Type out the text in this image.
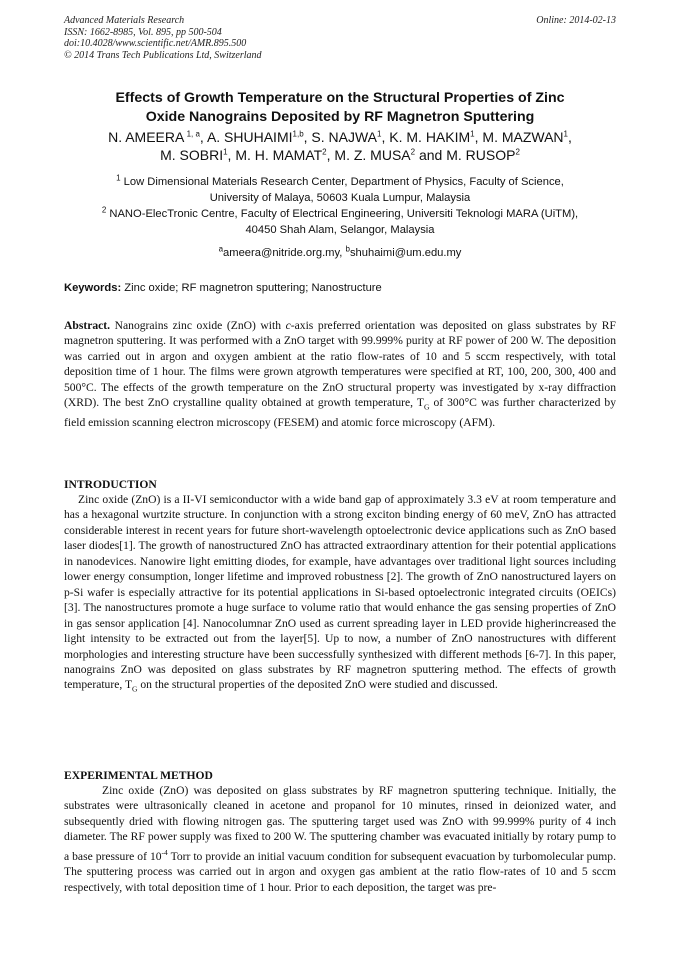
Advanced Materials Research
ISSN: 1662-8985, Vol. 895, pp 500-504
doi:10.4028/www.scientific.net/AMR.895.500
© 2014 Trans Tech Publications Ltd, Switzerland
Online: 2014-02-13
Effects of Growth Temperature on the Structural Properties of Zinc
Oxide Nanograins Deposited by RF Magnetron Sputtering
N. AMEERA $^{1, a}$, A. SHUHAIMI$^{1,b}$, S. NAJWA$^1$, K. M. HAKIM$^1$, M. MAZWAN$^1$,
M. SOBRI$^1$, M. H. MAMAT$^2$, M. Z. MUSA$^2$ and M. RUSOP$^2$
$^1$ Low Dimensional Materials Research Center, Department of Physics, Faculty of Science,
University of Malaya, 50603 Kuala Lumpur, Malaysia
$^2$ NANO-ElecTronic Centre, Faculty of Electrical Engineering, Universiti Teknologi MARA (UiTM),
40450 Shah Alam, Selangor, Malaysia
$^a$ameera@nitride.org.my, $^b$shuhaimi@um.edu.my
Keywords: Zinc oxide; RF magnetron sputtering; Nanostructure
Abstract. Nanograins zinc oxide (ZnO) with c-axis preferred orientation was deposited on glass substrates by RF magnetron sputtering. It was performed with a ZnO target with 99.999% purity at RF power of 200 W. The deposition was carried out in argon and oxygen ambient at the ratio flow-rates of 10 and 5 sccm respectively, with total deposition time of 1 hour. The films were grown atgrowth temperatures were specified at RT, 100, 200, 300, 400 and 500°C. The effects of the growth temperature on the ZnO structural property was investigated by x-ray diffraction (XRD). The best ZnO crystalline quality obtained at growth temperature, $T_G$ of 300°C was further characterized by field emission scanning electron microscopy (FESEM) and atomic force microscopy (AFM).
INTRODUCTION
Zinc oxide (ZnO) is a II-VI semiconductor with a wide band gap of approximately 3.3 eV at room temperature and has a hexagonal wurtzite structure. In conjunction with a strong exciton binding energy of 60 meV, ZnO has attracted considerable interest in recent years for future short-wavelength optoelectronic device applications such as ZnO based laser diodes[1]. The growth of nanostructured ZnO has attracted extraordinary attention for their potential applications in nanodevices. Nanowire light emitting diodes, for example, have advantages over traditional light sources including lower energy consumption, longer lifetime and improved robustness [2]. The growth of ZnO nanostructured layers on p-Si wafer is especially attractive for its potential applications in Si-based optoelectronic integrated circuits (OEICs) [3]. The nanostructures promote a huge surface to volume ratio that would enhance the gas sensing properties of ZnO in gas sensor application [4]. Nanocolumnar ZnO used as current spreading layer in LED provide higherincreased the light intensity to be extracted out from the layer[5]. Up to now, a number of ZnO nanostructures with different morphologies and interesting structure have been successfully synthesized with different methods [6-7]. In this paper, nanograins ZnO was deposited on glass substrates by RF magnetron sputtering method. The effects of growth temperature, $T_G$ on the structural properties of the deposited ZnO were studied and discussed.
EXPERIMENTAL METHOD
Zinc oxide (ZnO) was deposited on glass substrates by RF magnetron sputtering technique. Initially, the substrates were ultrasonically cleaned in acetone and propanol for 10 minutes, rinsed in deionized water, and subsequently dried with flowing nitrogen gas. The sputtering target used was ZnO with 99.999% purity of 4 inch diameter. The RF power supply was fixed to 200 W. The sputtering chamber was evacuated initially by rotary pump to a base pressure of $10^{-4}$ Torr to provide an initial vacuum condition for subsequent evacuation by turbomolecular pump. The sputtering process was carried out in argon and oxygen gas ambient at the ratio flow-rates of 10 and 5 sccm respectively, with total deposition time of 1 hour. Prior to each deposition, the target was pre-
